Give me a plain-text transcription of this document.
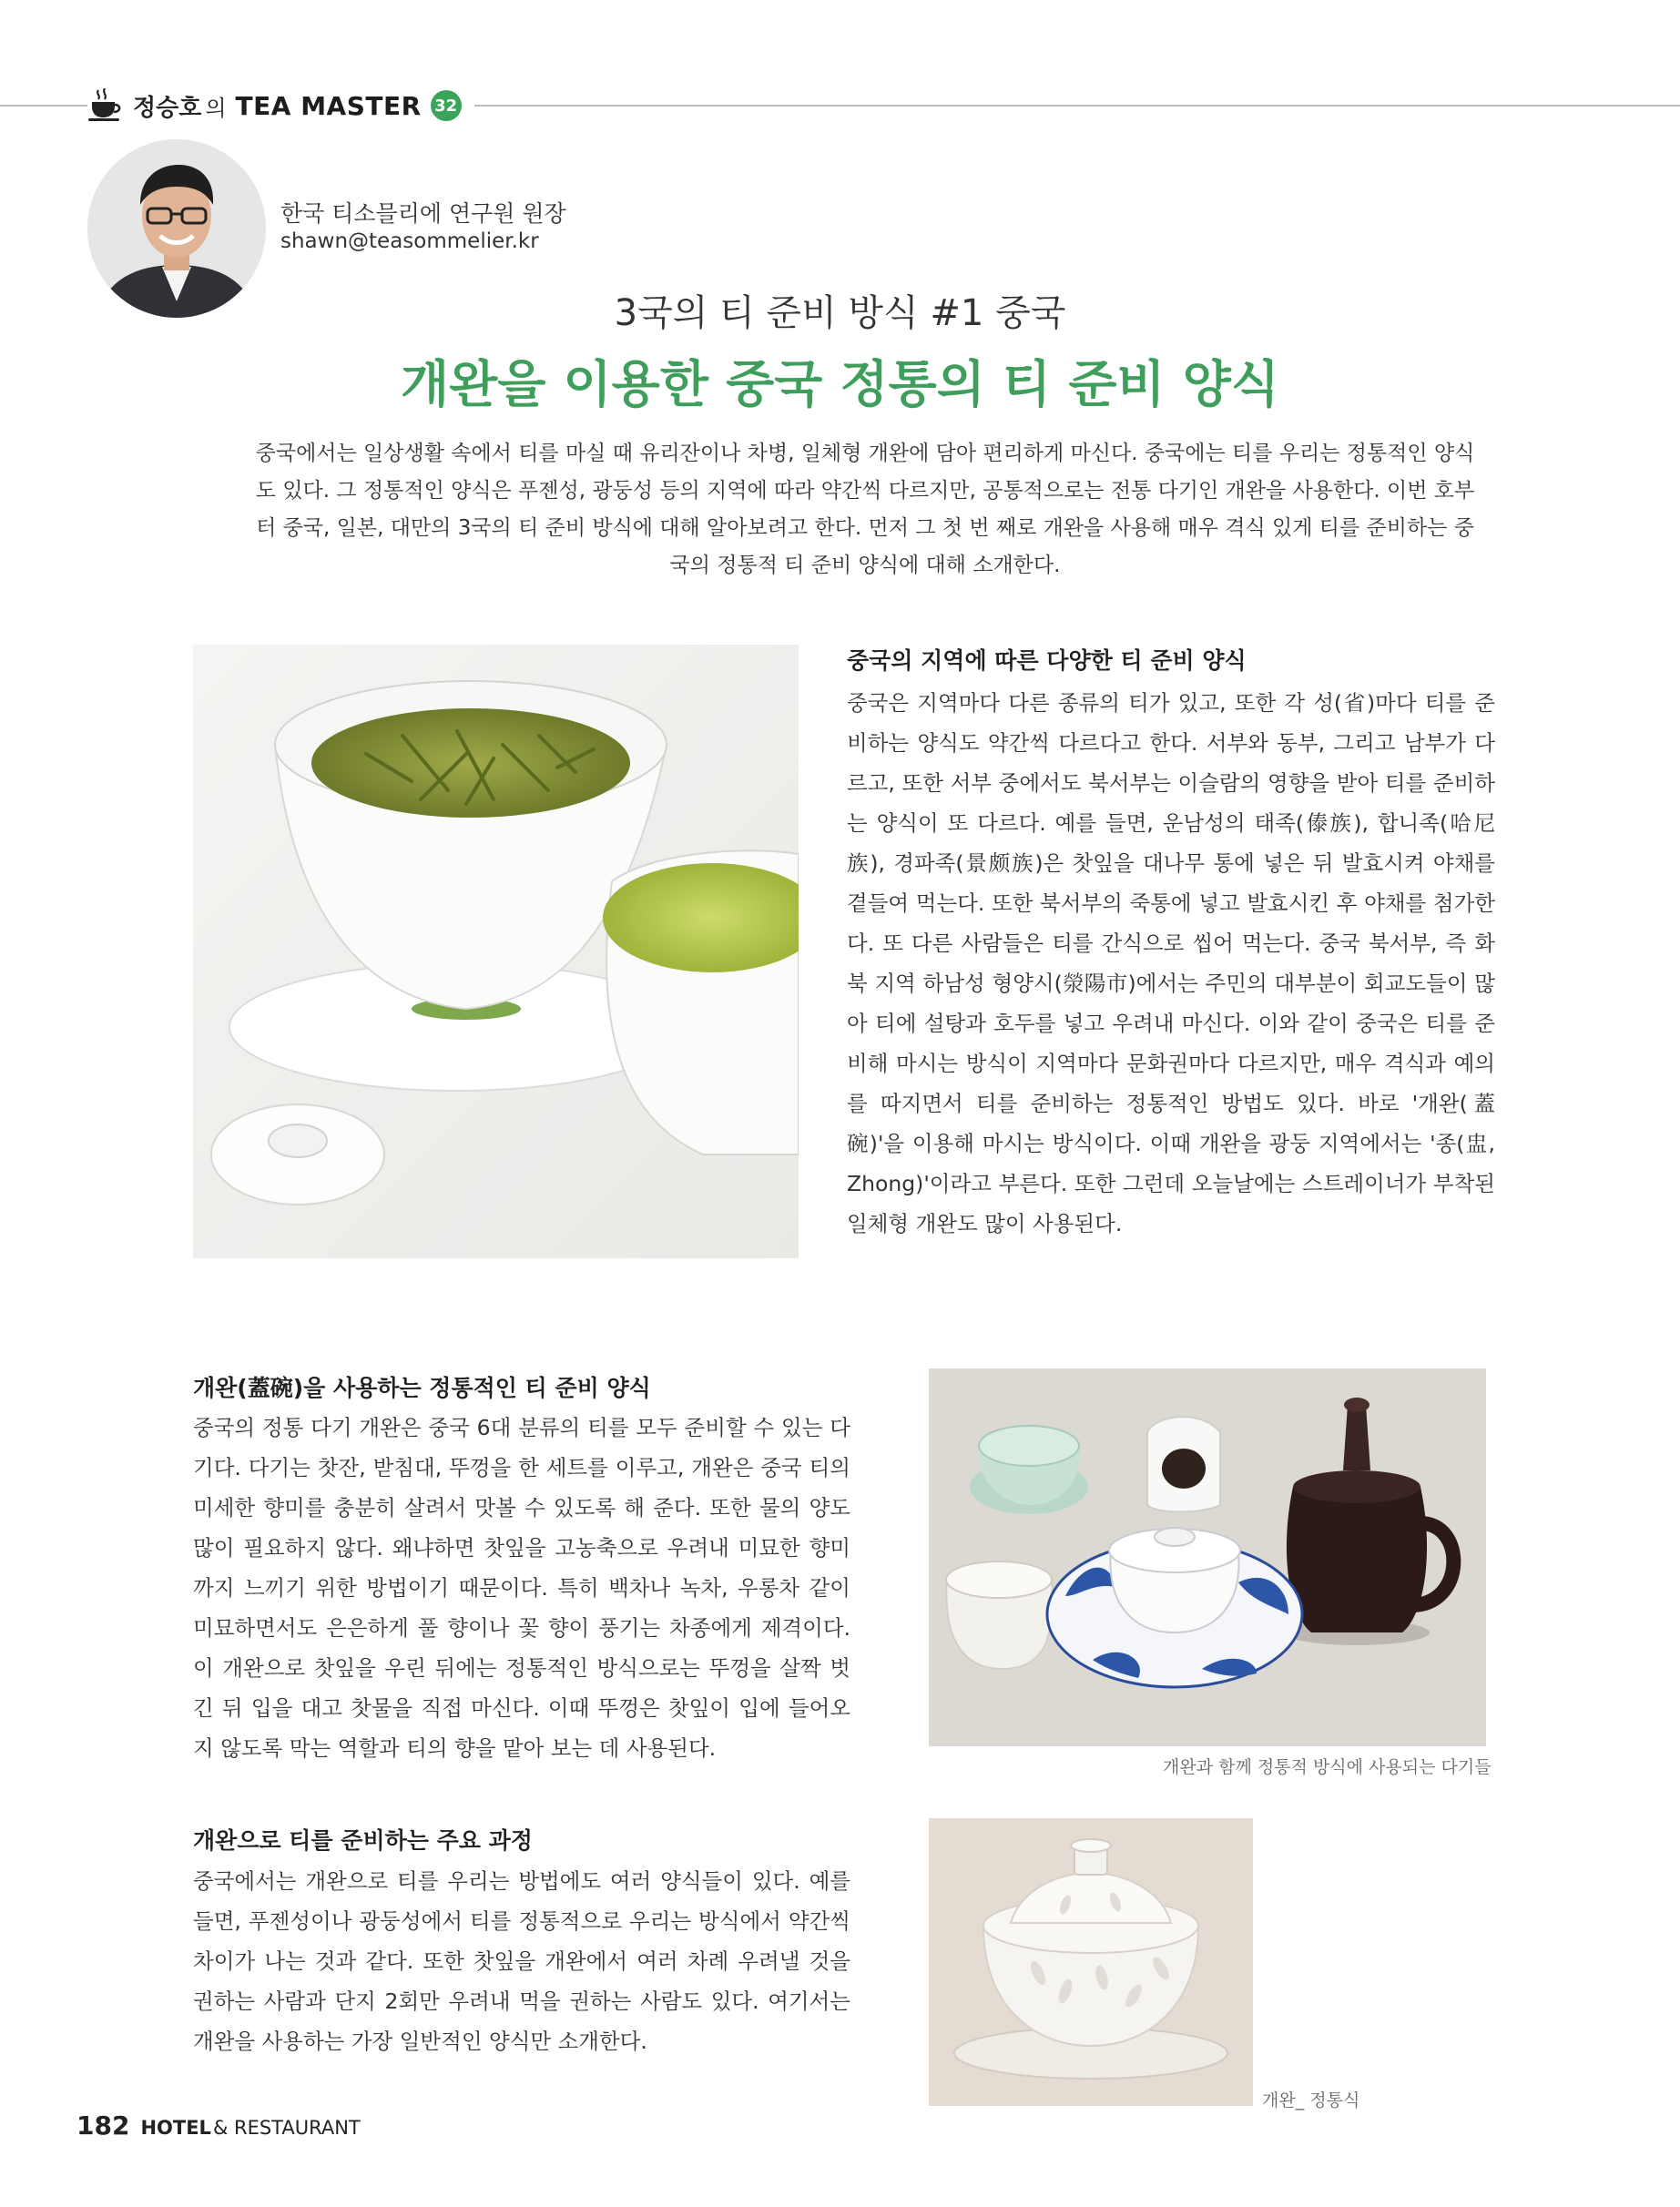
정승호 의 TEA MASTER 32
한국 티소믈리에 연구원 원장
shawn@teasommelier.kr
3국의 티 준비 방식 #1 중국
개완을 이용한 중국 정통의 티 준비 양식
중국에서는 일상생활 속에서 티를 마실 때 유리잔이나 차병, 일체형 개완에 담아 편리하게 마신다. 중국에는 티를 우리는 정통적인 양식도 있다. 그 정통적인 양식은 푸젠성, 광둥성 등의 지역에 따라 약간씩 다르지만, 공통적으로는 전통 다기인 개완을 사용한다. 이번 호부터 중국, 일본, 대만의 3국의 티 준비 방식에 대해 알아보려고 한다. 먼저 그 첫 번 째로 개완을 사용해 매우 격식 있게 티를 준비하는 중국의 정통적 티 준비 양식에 대해 소개한다.
중국의 지역에 따른 다양한 티 준비 양식
중국은 지역마다 다른 종류의 티가 있고, 또한 각 성(省)마다 티를 준비하는 양식도 약간씩 다르다고 한다. 서부와 동부, 그리고 남부가 다르고, 또한 서부 중에서도 북서부는 이슬람의 영향을 받아 티를 준비하는 양식이 또 다르다. 예를 들면, 운남성의 태족(傣族), 합니족(哈尼族), 경파족(景颇族)은 찻잎을 대나무 통에 넣은 뒤 발효시켜 야채를 곁들여 먹는다. 또한 북서부의 죽통에 넣고 발효시킨 후 야채를 첨가한다. 또 다른 사람들은 티를 간식으로 씹어 먹는다. 중국 북서부, 즉 화북 지역 하남성 형양시(滎陽市)에서는 주민의 대부분이 회교도들이 많아 티에 설탕과 호두를 넣고 우려내 마신다. 이와 같이 중국은 티를 준비해 마시는 방식이 지역마다 문화권마다 다르지만, 매우 격식과 예의를 따지면서 티를 준비하는 정통적인 방법도 있다. 바로 '개완(蓋碗)'을 이용해 마시는 방식이다. 이때 개완을 광둥 지역에서는 '종(盅, Zhong)'이라고 부른다. 또한 그런데 오늘날에는 스트레이너가 부착된 일체형 개완도 많이 사용된다.
개완(蓋碗)을 사용하는 정통적인 티 준비 양식
중국의 정통 다기 개완은 중국 6대 분류의 티를 모두 준비할 수 있는 다기다. 다기는 찻잔, 받침대, 뚜껑을 한 세트를 이루고, 개완은 중국 티의 미세한 향미를 충분히 살려서 맛볼 수 있도록 해 준다. 또한 물의 양도 많이 필요하지 않다. 왜냐하면 찻잎을 고농축으로 우려내 미묘한 향미까지 느끼기 위한 방법이기 때문이다. 특히 백차나 녹차, 우롱차 같이 미묘하면서도 은은하게 풀 향이나 꽃 향이 풍기는 차종에게 제격이다. 이 개완으로 찻잎을 우린 뒤에는 정통적인 방식으로는 뚜껑을 살짝 벗긴 뒤 입을 대고 찻물을 직접 마신다. 이때 뚜껑은 찻잎이 입에 들어오지 않도록 막는 역할과 티의 향을 맡아 보는 데 사용된다.
개완과 함께 정통적 방식에 사용되는 다기들
개완으로 티를 준비하는 주요 과정
중국에서는 개완으로 티를 우리는 방법에도 여러 양식들이 있다. 예를 들면, 푸젠성이나 광둥성에서 티를 정통적으로 우리는 방식에서 약간씩 차이가 나는 것과 같다. 또한 찻잎을 개완에서 여러 차례 우려낼 것을 권하는 사람과 단지 2회만 우려내 먹을 권하는 사람도 있다. 여기서는 개완을 사용하는 가장 일반적인 양식만 소개한다.
개완_ 정통식
182 HOTEL & RESTAURANT
